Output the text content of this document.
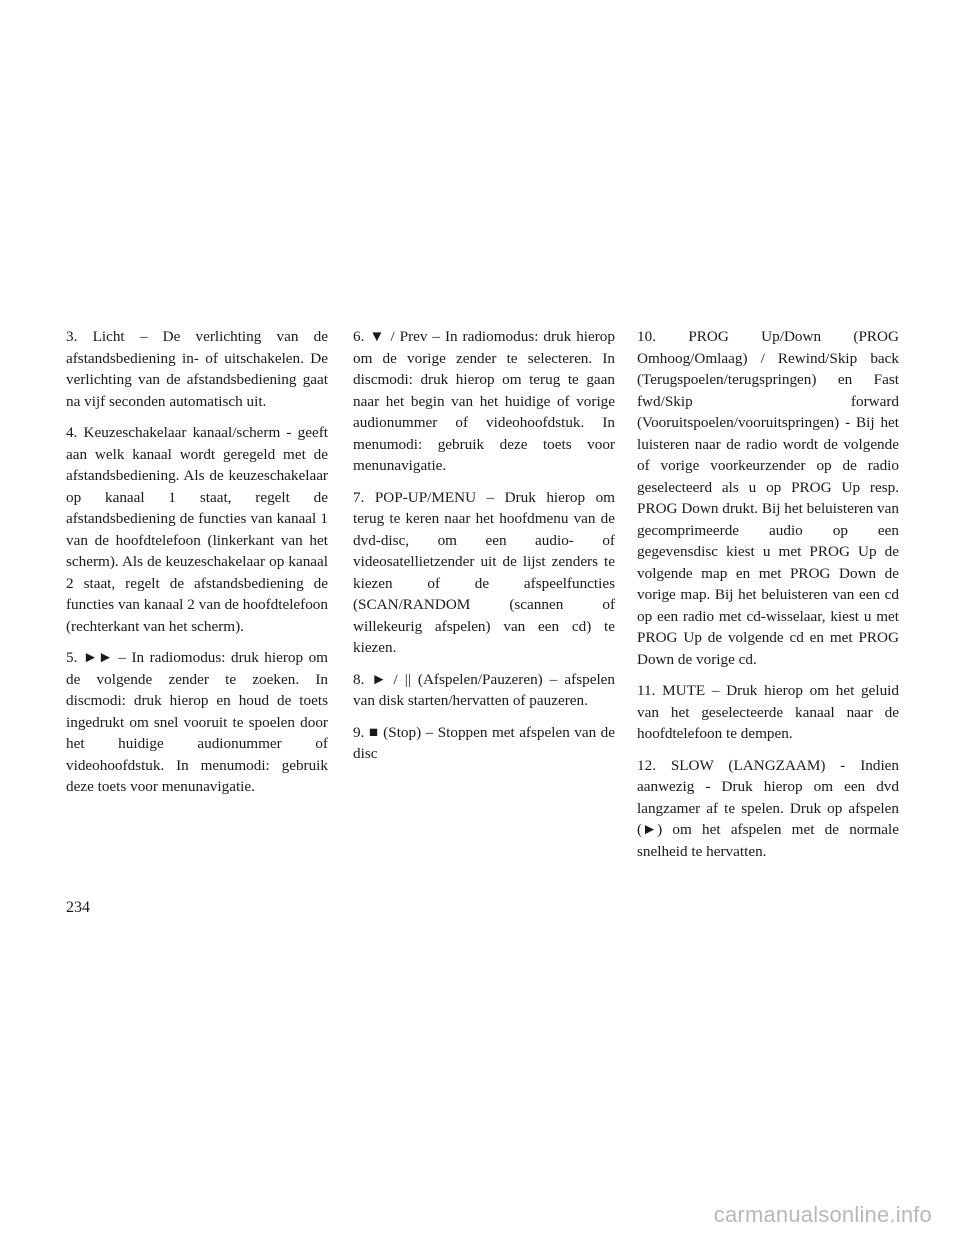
3. Licht – De verlichting van de afstandsbediening in- of uitschakelen. De verlichting van de afstandsbediening gaat na vijf seconden automatisch uit.

4. Keuzeschakelaar kanaal/scherm - geeft aan welk kanaal wordt geregeld met de afstandsbediening. Als de keuzeschakelaar op kanaal 1 staat, regelt de afstandsbediening de functies van kanaal 1 van de hoofdtelefoon (linkerkant van het scherm). Als de keuzeschakelaar op kanaal 2 staat, regelt de afstandsbediening de functies van kanaal 2 van de hoofdtelefoon (rechterkant van het scherm).

5. ►► – In radiomodus: druk hierop om de volgende zender te zoeken. In discmodi: druk hierop en houd de toets ingedrukt om snel vooruit te spoelen door het huidige audionummer of videohoofdstuk. In menumodi: gebruik deze toets voor menunavigatie.

6. ▼ / Prev – In radiomodus: druk hierop om de vorige zender te selecteren. In discmodi: druk hierop om terug te gaan naar het begin van het huidige of vorige audionummer of videohoofdstuk. In menumodi: gebruik deze toets voor menunavigatie.

7. POP-UP/MENU – Druk hierop om terug te keren naar het hoofdmenu van de dvd-disc, om een audio- of videosatellietzender uit de lijst zenders te kiezen of de afspeelfuncties (SCAN/RANDOM (scannen of willekeurig afspelen) van een cd) te kiezen.

8. ► / || (Afspelen/Pauzeren) – afspelen van disk starten/hervatten of pauzeren.

9. ■ (Stop) – Stoppen met afspelen van de disc

10. PROG Up/Down (PROG Omhoog/Omlaag) / Rewind/Skip back (Terugspoelen/terugspringen) en Fast fwd/Skip forward (Vooruitspoelen/vooruitspringen) - Bij het luisteren naar de radio wordt de volgende of vorige voorkeurzender op de radio geselecteerd als u op PROG Up resp. PROG Down drukt. Bij het beluisteren van gecomprimeerde audio op een gegevensdisc kiest u met PROG Up de volgende map en met PROG Down de vorige map. Bij het beluisteren van een cd op een radio met cd-wisselaar, kiest u met PROG Up de volgende cd en met PROG Down de vorige cd.

11. MUTE – Druk hierop om het geluid van het geselecteerde kanaal naar de hoofdtelefoon te dempen.

12. SLOW (LANGZAAM) - Indien aanwezig - Druk hierop om een dvd langzamer af te spelen. Druk op afspelen (►) om het afspelen met de normale snelheid te hervatten.

234
carmanualsonline.info
